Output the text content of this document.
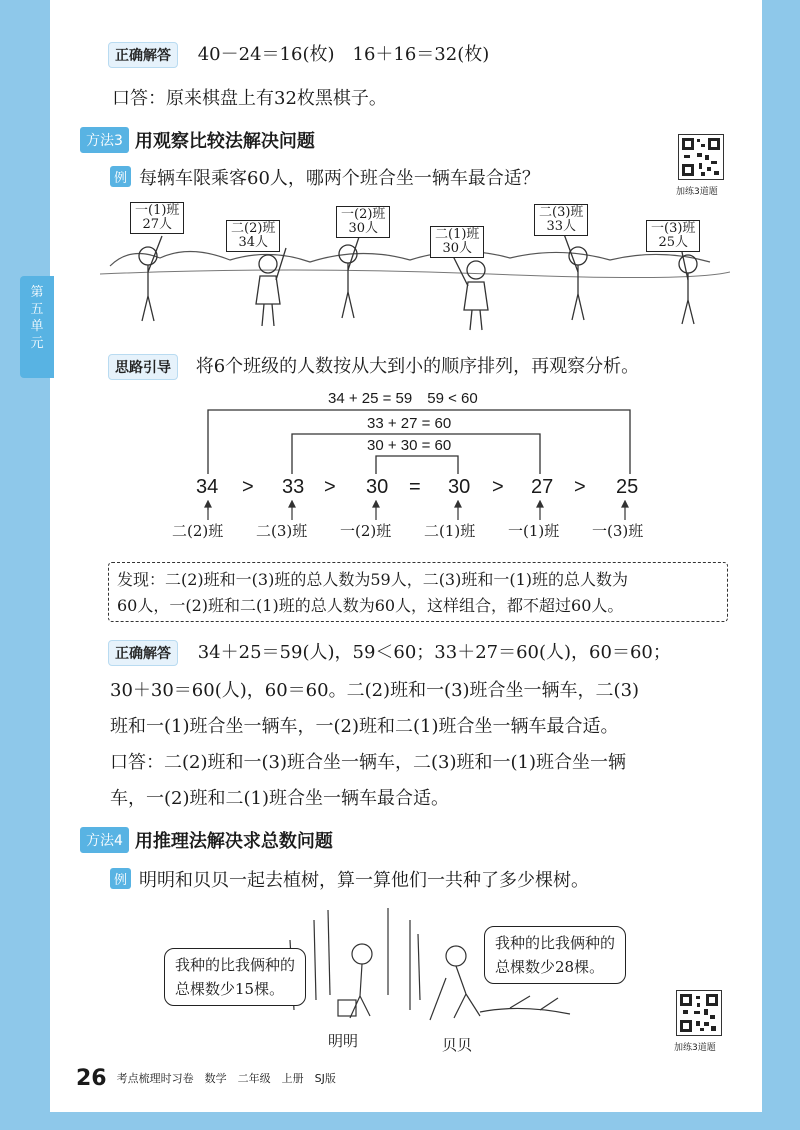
第
五
单
元
正确解答 40－24＝16(枚)　16＋16＝32(枚)
口答：原来棋盘上有32枚黑棋子。
方法3 用观察比较法解决问题
例 每辆车限乘客60人，哪两个班合坐一辆车最合适？
加练3道题
一(1)班
27人	二(2)班
34人
一(2)班
30人	二(1)班
30人
二(3)班
33人	一(3)班
25人
思路引导 将6个班级的人数按从大到小的顺序排列，再观察分析。
34 + 25 = 59　59 < 60
33 + 27 = 60
30 + 30 = 60
34 > 33 > 30 = 30 > 27 > 25
二(2)班 二(3)班 一(2)班 二(1)班 一(1)班 一(3)班
发现：二(2)班和一(3)班的总人数为59人，二(3)班和一(1)班的总人数为
60人，一(2)班和二(1)班的总人数为60人，这样组合，都不超过60人。
正确解答 34＋25＝59(人)，59＜60；33＋27＝60(人)，60＝60；
30＋30＝60(人)，60＝60。二(2)班和一(3)班合坐一辆车，二(3)
班和一(1)班合坐一辆车，一(2)班和二(1)班合坐一辆车最合适。
口答：二(2)班和一(3)班合坐一辆车，二(3)班和一(1)班合坐一辆
车，一(2)班和二(1)班合坐一辆车最合适。
方法4 用推理法解决求总数问题
例 明明和贝贝一起去植树，算一算他们一共种了多少棵树。
我种的比我俩种的
总棵数少15棵。
我种的比我俩种的
总棵数少28棵。
明明	贝贝	加练3道题
26 考点梳理时习卷　数学　二年级　上册　SJ版
